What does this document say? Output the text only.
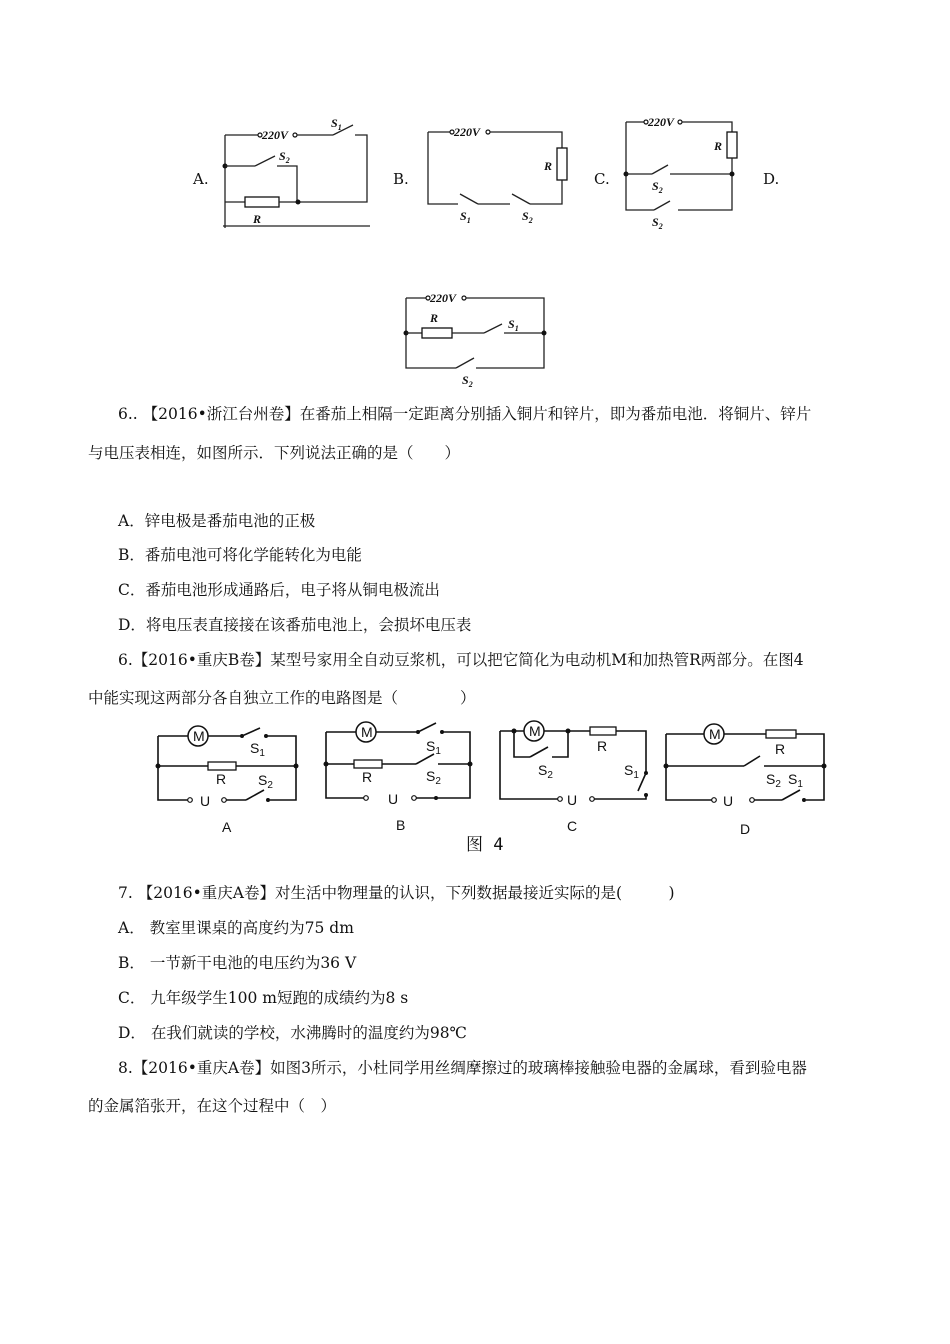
A.	B.	C.	D.
220V
$S_1$
$S_2$
R
220V
R
$S_1$	$S_2$
220V
R
$S_2$
$S_2$
220V
R	$S_1$
$S_2$
6.. 【2016•浙江台州卷】在番茄上相隔一定距离分别插入铜片和锌片，即为番茄电池．将铜片、锌片
与电压表相连，如图所示．下列说法正确的是（　　）
A．锌电极是番茄电池的正极
B．番茄电池可将化学能转化为电能
C．番茄电池形成通路后，电子将从铜电极流出
D．将电压表直接接在该番茄电池上，会损坏电压表
6.【2016•重庆B卷】某型号家用全自动豆浆机，可以把它简化为电动机M和加热管R两部分。在图4
中能实现这两部分各自独立工作的电路图是（　　　　）
M
$S_1$
R
U
$S_2$
A
M
$S_1$
R	$S_2$
U
B
M
R
$S_1$
$S_2$
U
C
M
R
$S_2$
U
$S_1$
D
图 4
7. 【2016•重庆A卷】对生活中物理量的认识，下列数据最接近实际的是(　　　)
A． 教室里课桌的高度约为75 dm
B． 一节新干电池的电压约为36 V
C． 九年级学生100 m短跑的成绩约为8 s
D． 在我们就读的学校，水沸腾时的温度约为98℃
8.【2016•重庆A卷】如图3所示，小杜同学用丝绸摩擦过的玻璃棒接触验电器的金属球，看到验电器
的金属箔张开，在这个过程中（　）
